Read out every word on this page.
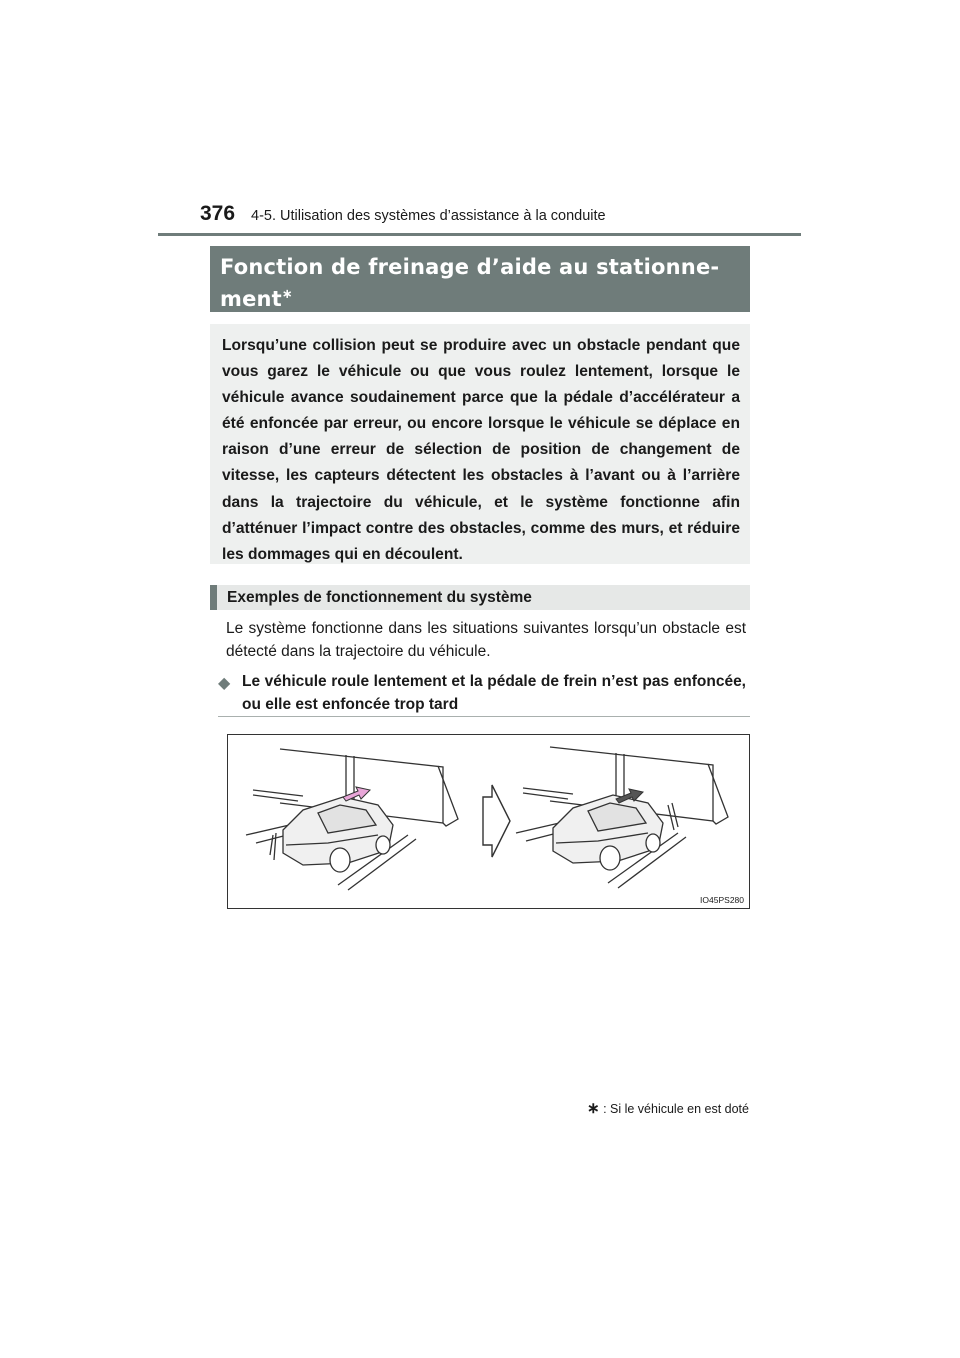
376 4-5. Utilisation des systèmes d’assistance à la conduite
Fonction de freinage d’aide au stationne-
ment∗

Lorsqu’une collision peut se produire avec un obstacle pendant que vous garez le véhicule ou que vous roulez lentement, lorsque le véhicule avance soudainement parce que la pédale d’accélérateur a été enfoncée par erreur, ou encore lorsque le véhicule se déplace en raison d’une erreur de sélection de position de changement de vitesse, les capteurs détectent les obstacles à l’avant ou à l’arrière dans la trajectoire du véhicule, et le système fonctionne afin d’atténuer l’impact contre des obstacles, comme des murs, et réduire les dommages qui en découlent.

Exemples de fonctionnement du système

Le système fonctionne dans les situations suivantes lorsqu’un obstacle est détecté dans la trajectoire du véhicule.

◆ Le véhicule roule lentement et la pédale de frein n’est pas enfoncée, ou elle est enfoncée trop tard
IO45PS280
∗ : Si le véhicule en est doté
